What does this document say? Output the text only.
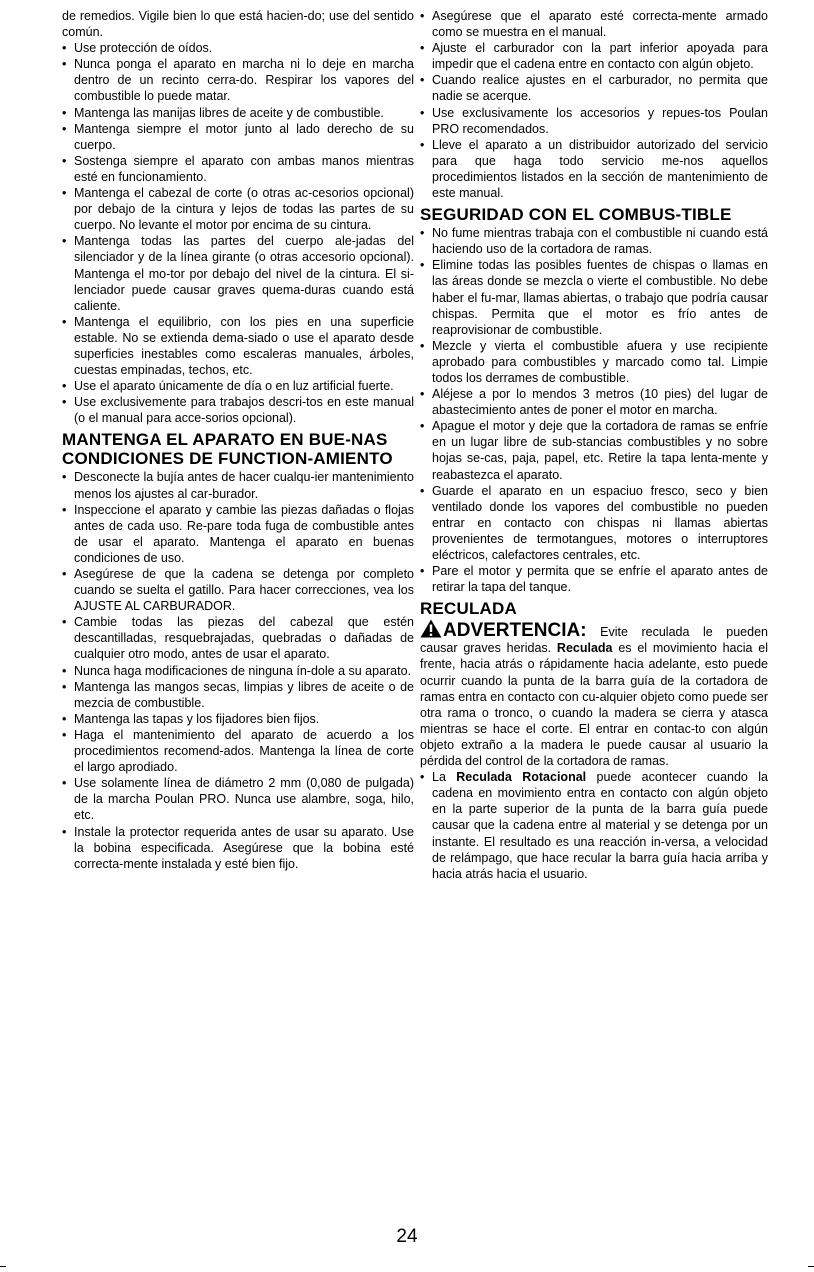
de remedios. Vigile bien lo que está hacien-do; use del sentido común.

• Use protección de oídos.
• Nunca ponga el aparato en marcha ni lo deje en marcha dentro de un recinto cerra-do. Respirar los vapores del combustible lo puede matar.
• Mantenga las manijas libres de aceite y de combustible.
• Mantenga siempre el motor junto al lado derecho de su cuerpo.
• Sostenga siempre el aparato con ambas manos mientras esté en funcionamiento.
• Mantenga el cabezal de corte (o otras ac-cesorios opcional) por debajo de la cintura y lejos de todas las partes de su cuerpo. No levante el motor por encima de su cintura.
• Mantenga todas las partes del cuerpo ale-jadas del silenciador y de la línea girante (o otras accesorio opcional). Mantenga el mo-tor por debajo del nivel de la cintura. El si-lenciador puede causar graves quema-duras cuando está caliente.
• Mantenga el equilibrio, con los pies en una superficie estable. No se extienda dema-siado o use el aparato desde superficies inestables como escaleras manuales, árboles, cuestas empinadas, techos, etc.
• Use el aparato únicamente de día o en luz artificial fuerte.
• Use exclusivemente para trabajos descri-tos en este manual (o el manual para acce-sorios opcional).
MANTENGA EL APARATO EN BUE-NAS CONDICIONES DE FUNCTION-AMIENTO
• Desconecte la bujía antes de hacer cualqu-ier mantenimiento menos los ajustes al car-burador.
• Inspeccione el aparato y cambie las piezas dañadas o flojas antes de cada uso. Re-pare toda fuga de combustible antes de usar el aparato. Mantenga el aparato en buenas condiciones de uso.
• Asegúrese de que la cadena se detenga por completo cuando se suelta el gatillo. Para hacer correcciones, vea los AJUSTE AL CARBURADOR.
• Cambie todas las piezas del cabezal que estén descantilladas, resquebrajadas, quebradas o dañadas de cualquier otro modo, antes de usar el aparato.
• Nunca haga modificaciones de ninguna ín-dole a su aparato.
• Mantenga las mangos secas, limpias y libres de aceite o de mezcia de combustible.
• Mantenga las tapas y los fijadores bien fijos.
• Haga el mantenimiento del aparato de acuerdo a los procedimientos recomend-ados. Mantenga la línea de corte el largo aprodiado.
• Use solamente línea de diámetro 2 mm (0,080 de pulgada) de la marcha Poulan PRO. Nunca use alambre, soga, hilo, etc.
• Instale la protector requerida antes de usar su aparato. Use la bobina especificada. Asegúrese que la bobina esté correcta-mente instalada y esté bien fijo.
• Asegúrese que el aparato esté correcta-mente armado como se muestra en el manual.
• Ajuste el carburador con la part inferior apoyada para impedir que el cadena entre en contacto con algún objeto.
• Cuando realice ajustes en el carburador, no permita que nadie se acerque.
• Use exclusivamente los accesorios y repues-tos Poulan PRO recomendados.
• Lleve el aparato a un distribuidor autorizado del servicio para que haga todo servicio me-nos aquellos procedimientos listados en la sección de mantenimiento de este manual.
SEGURIDAD CON EL COMBUS-TIBLE
• No fume mientras trabaja con el combustible ni cuando está haciendo uso de la cortadora de ramas.
• Elimine todas las posibles fuentes de chispas o llamas en las áreas donde se mezcla o vierte el combustible. No debe haber el fu-mar, llamas abiertas, o trabajo que podría causar chispas. Permita que el motor es frío antes de reaprovisionar de combustible.
• Mezcle y vierta el combustible afuera y use recipiente aprobado para combustibles y marcado como tal. Limpie todos los derrames de combustible.
• Aléjese a por lo mendos 3 metros (10 pies) del lugar de abastecimiento antes de poner el motor en marcha.
• Apague el motor y deje que la cortadora de ramas se enfríe en un lugar libre de sub-stancias combustibles y no sobre hojas se-cas, paja, papel, etc. Retire la tapa lenta-mente y reabastezca el aparato.
• Guarde el aparato en un espaciuo fresco, seco y bien ventilado donde los vapores del combustible no pueden entrar en contacto con chispas ni llamas abiertas provenientes de termotangues, motores o interruptores eléctricos, calefactores centrales, etc.
• Pare el motor y permita que se enfríe el aparato antes de retirar la tapa del tanque.
RECULADA

ADVERTENCIA: Evite reculada le pueden causar graves heridas. Reculada es el movimiento hacia el frente, hacia atrás o rápidamente hacia adelante, esto puede ocurrir cuando la punta de la barra guía de la cortadora de ramas entra en contacto con cu-alquier objeto como puede ser otra rama o tronco, o cuando la madera se cierra y atasca mientras se hace el corte. El entrar en contac-to con algún objeto extraño a la madera le puede causar al usuario la pérdida del control de la cortadora de ramas.

• La Reculada Rotacional puede acontecer cuando la cadena en movimiento entra en contacto con algún objeto en la parte superior de la punta de la barra guía puede causar que la cadena entre al material y se detenga por un instante. El resultado es una reacción in-versa, a velocidad de relámpago, que hace recular la barra guía hacia arriba y hacia atrás hacia el usuario.
24
